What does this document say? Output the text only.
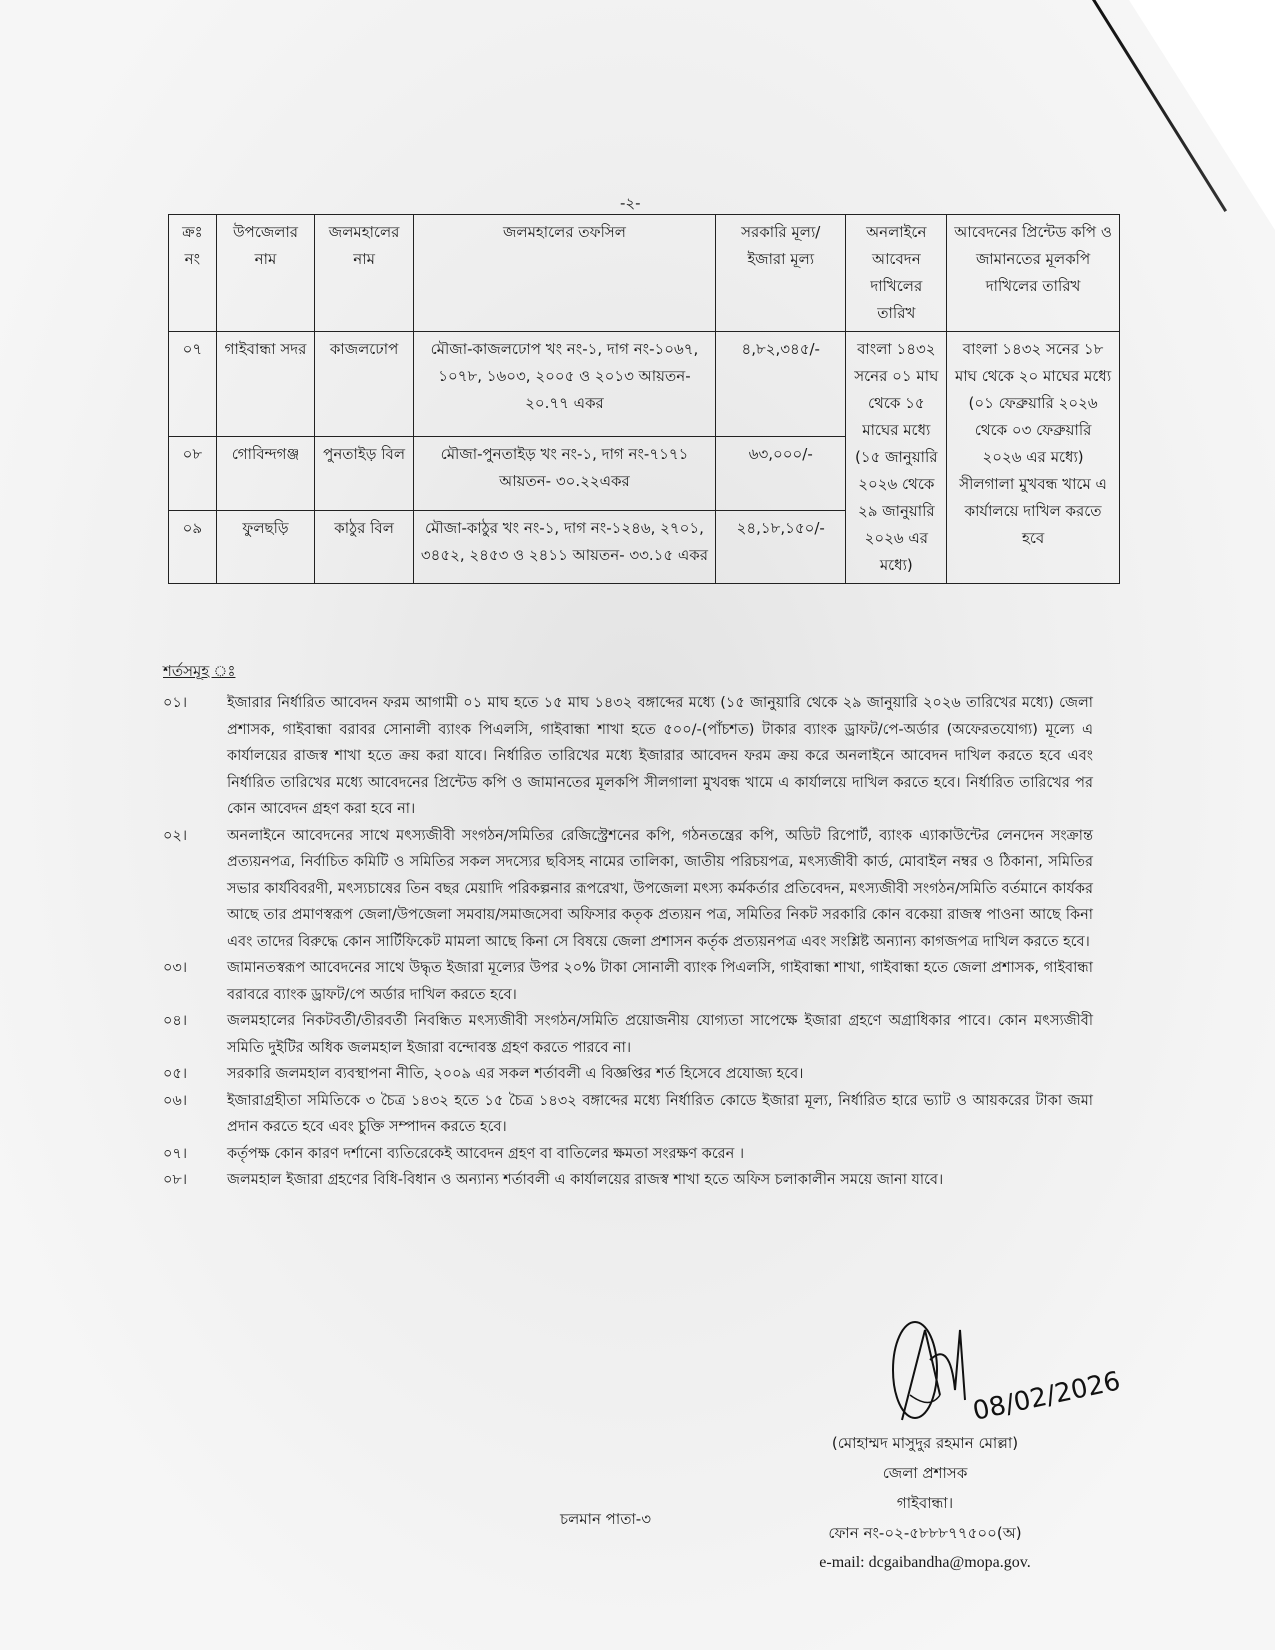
-২-
ক্রঃ নং	উপজেলার নাম	জলমহালের নাম	জলমহালের তফসিল	সরকারি মূল্য/ ইজারা মূল্য	অনলাইনে আবেদন দাখিলের তারিখ	আবেদনের প্রিন্টেড কপি ও জামানতের মূলকপি দাখিলের তারিখ
০৭	গাইবান্ধা সদর	কাজলঢোপ	মৌজা-কাজলঢোপ খং নং-১, দাগ নং-১০৬৭, ১০৭৮, ১৬০৩, ২০০৫ ও ২০১৩ আয়তন- ২০.৭৭ একর	৪,৮২,৩৪৫/-	বাংলা ১৪৩২ সনের ০১ মাঘ থেকে ১৫ মাঘের মধ্যে (১৫ জানুয়ারি ২০২৬ থেকে ২৯ জানুয়ারি ২০২৬ এর মধ্যে)	বাংলা ১৪৩২ সনের ১৮ মাঘ থেকে ২০ মাঘের মধ্যে (০১ ফেব্রুয়ারি ২০২৬ থেকে ০৩ ফেব্রুয়ারি ২০২৬ এর মধ্যে) সীলগালা মুখবন্ধ খামে এ কার্যালয়ে দাখিল করতে হবে
০৮	গোবিন্দগঞ্জ	পুনতাইড় বিল	মৌজা-পুনতাইড় খং নং-১, দাগ নং-৭১৭১ আয়তন- ৩০.২২একর	৬৩,০০০/-		
০৯	ফুলছড়ি	কাঠুর বিল	মৌজা-কাঠুর খং নং-১, দাগ নং-১২৪৬, ২৭০১, ৩৪৫২, ২৪৫৩ ও ২৪১১ আয়তন- ৩৩.১৫ একর	২৪,১৮,১৫০/-		
শর্তসমূহ ঃ
০১।	ইজারার নির্ধারিত আবেদন ফরম আগামী ০১ মাঘ হতে ১৫ মাঘ ১৪৩২ বঙ্গাব্দের মধ্যে (১৫ জানুয়ারি থেকে ২৯ জানুয়ারি ২০২৬ তারিখের মধ্যে) জেলা প্রশাসক, গাইবান্ধা বরাবর সোনালী ব্যাংক পিএলসি, গাইবান্ধা শাখা হতে ৫০০/-(পাঁচশত) টাকার ব্যাংক ড্রাফট/পে-অর্ডার (অফেরতযোগ্য) মূল্যে এ কার্যালয়ের রাজস্ব শাখা হতে ক্রয় করা যাবে। নির্ধারিত তারিখের মধ্যে ইজারার আবেদন ফরম ক্রয় করে অনলাইনে আবেদন দাখিল করতে হবে এবং নির্ধারিত তারিখের মধ্যে আবেদনের প্রিন্টেড কপি ও জামানতের মূলকপি সীলগালা মুখবন্ধ খামে এ কার্যালয়ে দাখিল করতে হবে। নির্ধারিত তারিখের পর কোন আবেদন গ্রহণ করা হবে না।
০২।	অনলাইনে আবেদনের সাথে মৎস্যজীবী সংগঠন/সমিতির রেজিস্ট্রেশনের কপি, গঠনতন্ত্রের কপি, অডিট রিপোর্ট, ব্যাংক এ্যাকাউন্টের লেনদেন সংক্রান্ত প্রত্যয়নপত্র, নির্বাচিত কমিটি ও সমিতির সকল সদস্যের ছবিসহ নামের তালিকা, জাতীয় পরিচয়পত্র, মৎস্যজীবী কার্ড, মোবাইল নম্বর ও ঠিকানা, সমিতির সভার কার্যবিবরণী, মৎস্যচাষের তিন বছর মেয়াদি পরিকল্পনার রূপরেখা, উপজেলা মৎস্য কর্মকর্তার প্রতিবেদন, মৎস্যজীবী সংগঠন/সমিতি বর্তমানে কার্যকর আছে তার প্রমাণস্বরূপ জেলা/উপজেলা সমবায়/সমাজসেবা অফিসার কতৃক প্রত্যয়ন পত্র, সমিতির নিকট সরকারি কোন বকেয়া রাজস্ব পাওনা আছে কিনা এবং তাদের বিরুদ্ধে কোন সার্টিফিকেট মামলা আছে কিনা সে বিষয়ে জেলা প্রশাসন কর্তৃক প্রত্যয়নপত্র এবং সংশ্লিষ্ট অন্যান্য কাগজপত্র দাখিল করতে হবে।
০৩।	জামানতস্বরূপ আবেদনের সাথে উদ্ধৃত ইজারা মূল্যের উপর ২০% টাকা সোনালী ব্যাংক পিএলসি, গাইবান্ধা শাখা, গাইবান্ধা হতে জেলা প্রশাসক, গাইবান্ধা বরাবরে ব্যাংক ড্রাফট/পে অর্ডার দাখিল করতে হবে।
০৪।	জলমহালের নিকটবর্তী/তীরবর্তী নিবন্ধিত মৎস্যজীবী সংগঠন/সমিতি প্রয়োজনীয় যোগ্যতা সাপেক্ষে ইজারা গ্রহণে অগ্রাধিকার পাবে। কোন মৎস্যজীবী সমিতি দুইটির অধিক জলমহাল ইজারা বন্দোবস্ত গ্রহণ করতে পারবে না।
০৫।	সরকারি জলমহাল ব্যবস্থাপনা নীতি, ২০০৯ এর সকল শর্তাবলী এ বিজ্ঞপ্তির শর্ত হিসেবে প্রযোজ্য হবে।
০৬।	ইজারাগ্রহীতা সমিতিকে ৩ চৈত্র ১৪৩২ হতে ১৫ চৈত্র ১৪৩২ বঙ্গাব্দের মধ্যে নির্ধারিত কোডে ইজারা মূল্য, নির্ধারিত হারে ভ্যাট ও আয়করের টাকা জমা প্রদান করতে হবে এবং চুক্তি সম্পাদন করতে হবে।
০৭।	কর্তৃপক্ষ কোন কারণ দর্শানো ব্যতিরেকেই আবেদন গ্রহণ বা বাতিলের ক্ষমতা সংরক্ষণ করেন ।
০৮।	জলমহাল ইজারা গ্রহণের বিধি-বিধান ও অন্যান্য শর্তাবলী এ কার্যালয়ের রাজস্ব শাখা হতে অফিস চলাকালীন সময়ে জানা যাবে।
08/02/2026
(মোহাম্মদ মাসুদুর রহমান মোল্লা)
জেলা প্রশাসক
গাইবান্ধা।
ফোন নং-০২-৫৮৮৮৭৭৫০০(অ)
e-mail: dcgaibandha@mopa.gov.
চলমান পাতা-৩
